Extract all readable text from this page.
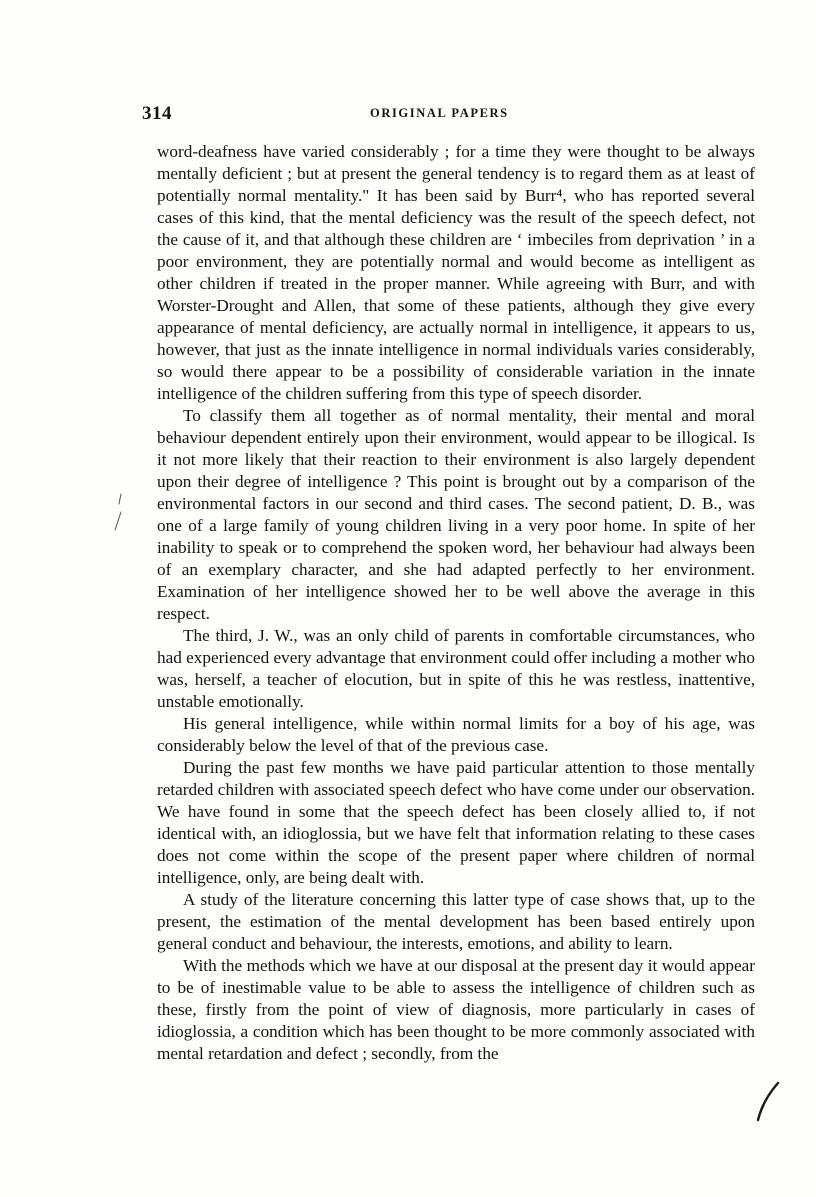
314	ORIGINAL PAPERS

word-deafness have varied considerably ; for a time they were thought to be always mentally deficient ; but at present the general tendency is to regard them as at least of potentially normal mentality." It has been said by Burr⁴, who has reported several cases of this kind, that the mental deficiency was the result of the speech defect, not the cause of it, and that although these children are ‘ imbeciles from deprivation ’ in a poor environment, they are potentially normal and would become as intelligent as other children if treated in the proper manner. While agreeing with Burr, and with Worster-Drought and Allen, that some of these patients, although they give every appearance of mental deficiency, are actually normal in intelligence, it appears to us, however, that just as the innate intelligence in normal individuals varies considerably, so would there appear to be a possibility of considerable variation in the innate intelligence of the children suffering from this type of speech disorder.

To classify them all together as of normal mentality, their mental and moral behaviour dependent entirely upon their environment, would appear to be illogical. Is it not more likely that their reaction to their environment is also largely dependent upon their degree of intelligence ? This point is brought out by a comparison of the environmental factors in our second and third cases. The second patient, D. B., was one of a large family of young children living in a very poor home. In spite of her inability to speak or to comprehend the spoken word, her behaviour had always been of an exemplary character, and she had adapted perfectly to her environment. Examination of her intelligence showed her to be well above the average in this respect.

The third, J. W., was an only child of parents in comfortable circumstances, who had experienced every advantage that environment could offer including a mother who was, herself, a teacher of elocution, but in spite of this he was restless, inattentive, unstable emotionally.

His general intelligence, while within normal limits for a boy of his age, was considerably below the level of that of the previous case.

During the past few months we have paid particular attention to those mentally retarded children with associated speech defect who have come under our observation. We have found in some that the speech defect has been closely allied to, if not identical with, an idioglossia, but we have felt that information relating to these cases does not come within the scope of the present paper where children of normal intelligence, only, are being dealt with.

A study of the literature concerning this latter type of case shows that, up to the present, the estimation of the mental development has been based entirely upon general conduct and behaviour, the interests, emotions, and ability to learn.

With the methods which we have at our disposal at the present day it would appear to be of inestimable value to be able to assess the intelligence of children such as these, firstly from the point of view of diagnosis, more particularly in cases of idioglossia, a condition which has been thought to be more commonly associated with mental retardation and defect ; secondly, from the
